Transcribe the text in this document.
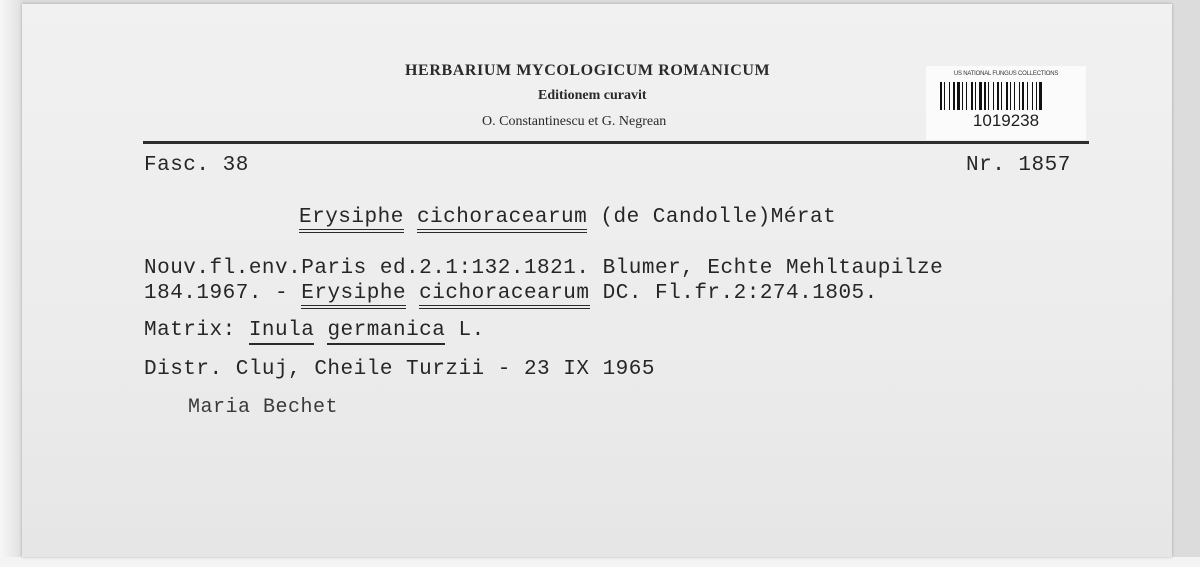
HERBARIUM MYCOLOGICUM ROMANICUM
Editionem curavit
O. Constantinescu et G. Negrean
US NATIONAL FUNGUS COLLECTIONS
1019238
Fasc. 38	Nr. 1857
Erysiphe cichoracearum (de Candolle)Mérat
Nouv.fl.env.Paris ed.2.1:132.1821. Blumer, Echte Mehltaupilze
184.1967. - Erysiphe cichoracearum DC. Fl.fr.2:274.1805.
Matrix: Inula germanica L.
Distr. Cluj, Cheile Turzii - 23 IX 1965
Maria Bechet
